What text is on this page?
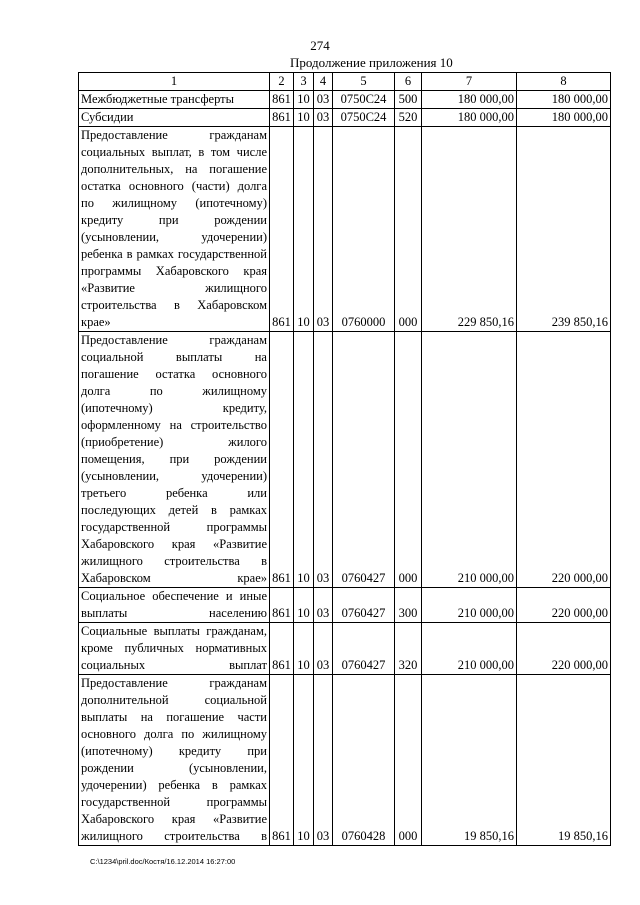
274
Продолжение приложения 10
1	2	3	4	5	6	7	8
Межбюджетные трансферты	861	10	03	0750С24	500	180 000,00	180 000,00
Субсидии	861	10	03	0750С24	520	180 000,00	180 000,00
Предоставление гражданам социальных выплат, в том числе дополнительных, на погашение остатка основного (части) долга по жилищному (ипотечному) кредиту при рождении (усыновлении, удочерении) ребенка в рамках государственной программы Хабаровского края «Развитие жилищного строительства в Хабаровском крае»	861	10	03	0760000	000	229 850,16	239 850,16
Предоставление гражданам социальной выплаты на погашение остатка основного долга по жилищному (ипотечному) кредиту, оформленному на строительство (приобретение) жилого помещения, при рождении (усыновлении, удочерении) третьего ребенка или последующих детей в рамках государственной программы Хабаровского края «Развитие жилищного строительства в Хабаровском крае»	861	10	03	0760427	000	210 000,00	220 000,00
Социальное обеспечение и иные выплаты населению	861	10	03	0760427	300	210 000,00	220 000,00
Социальные выплаты гражданам, кроме публичных нормативных социальных выплат	861	10	03	0760427	320	210 000,00	220 000,00
Предоставление гражданам дополнительной социальной выплаты на погашение части основного долга по жилищному (ипотечному) кредиту при рождении (усыновлении, удочерении) ребенка в рамках государственной программы Хабаровского края «Развитие жилищного строительства в	861	10	03	0760428	000	19 850,16	19 850,16
C:\1234\pril.doc/Костя/16.12.2014 16:27:00
